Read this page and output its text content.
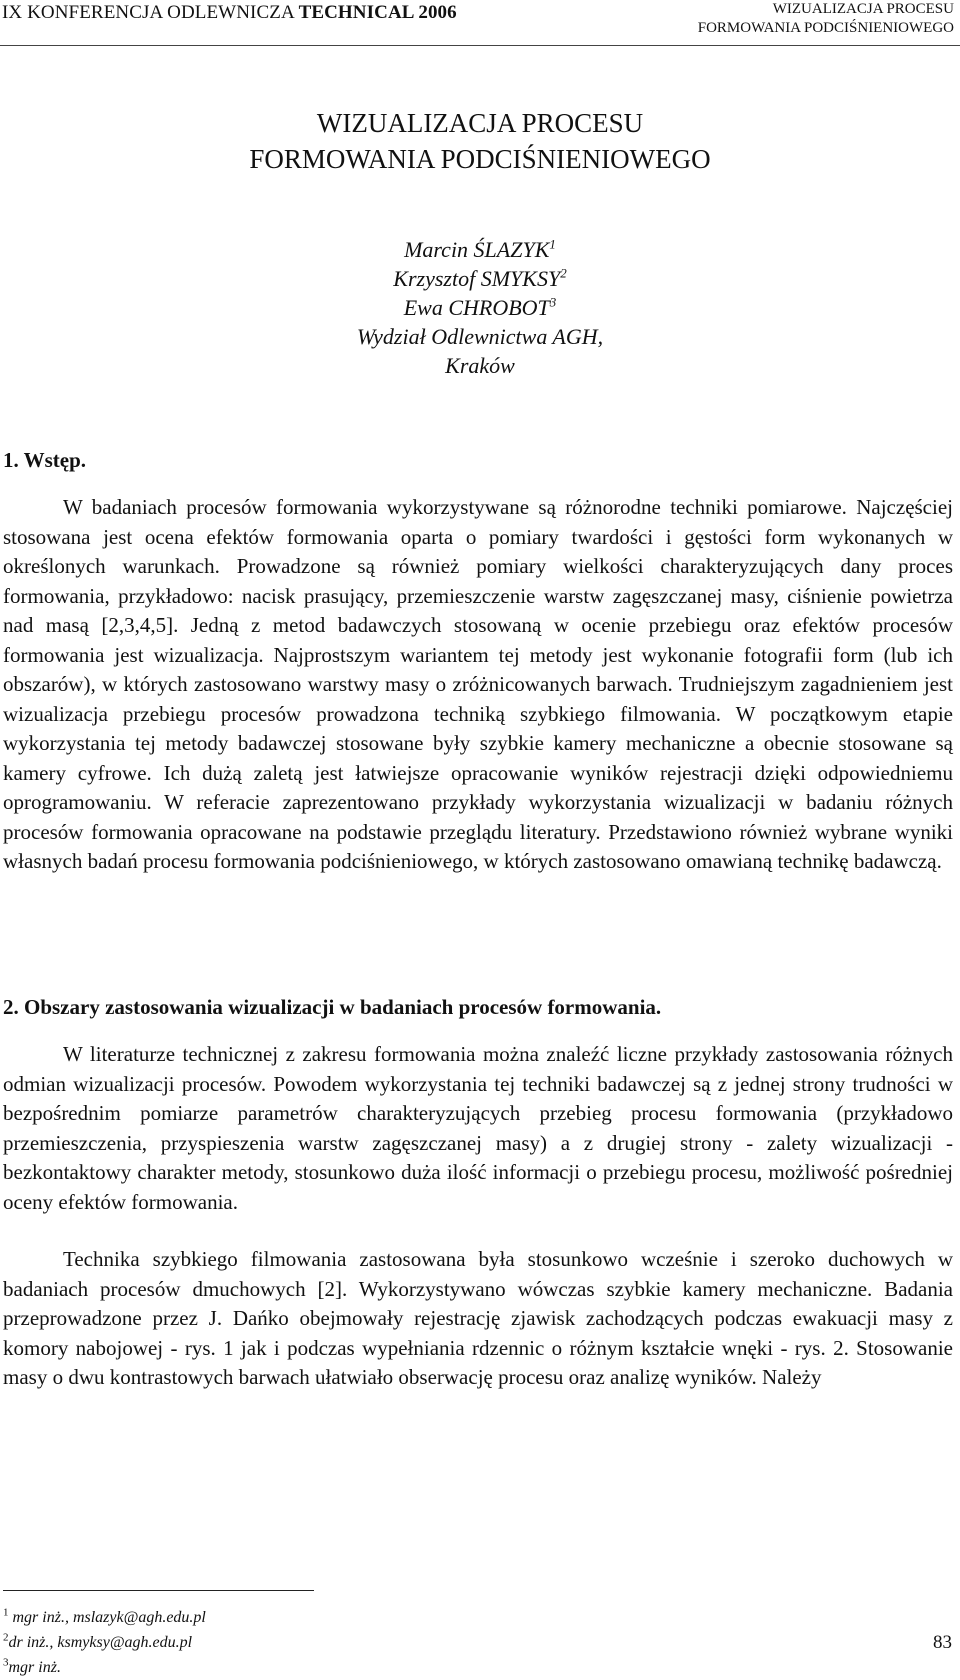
IX KONFERENCJA ODLEWNICZA TECHNICAL 2006	WIZUALIZACJA PROCESU
FORMOWANIA PODCIŚNIENIOWEGO
WIZUALIZACJA PROCESU
FORMOWANIA PODCIŚNIENIOWEGO
Marcin ŚLAZYK$^1$
Krzysztof SMYKSY$^2$
Ewa CHROBOT$^3$
Wydział Odlewnictwa AGH,
Kraków
1. Wstęp.
W badaniach procesów formowania wykorzystywane są różnorodne techniki pomiarowe. Najczęściej stosowana jest ocena efektów formowania oparta o pomiary twardości i gęstości form wykonanych w określonych warunkach. Prowadzone są również pomiary wielkości charakteryzujących dany proces formowania, przykładowo: nacisk prasujący, przemieszczenie warstw zagęszczanej masy, ciśnienie powietrza nad masą [2,3,4,5]. Jedną z metod badawczych stosowaną w ocenie przebiegu oraz efektów procesów formowania jest wizualizacja. Najprostszym wariantem tej metody jest wykonanie fotografii form (lub ich obszarów), w których zastosowano warstwy masy o zróżnicowanych barwach. Trudniejszym zagadnieniem jest wizualizacja przebiegu procesów prowadzona techniką szybkiego filmowania. W początkowym etapie wykorzystania tej metody badawczej stosowane były szybkie kamery mechaniczne a obecnie stosowane są kamery cyfrowe. Ich dużą zaletą jest łatwiejsze opracowanie wyników rejestracji dzięki odpowiedniemu oprogramowaniu. W referacie zaprezentowano przykłady wykorzystania wizualizacji w badaniu różnych procesów formowania opracowane na podstawie przeglądu literatury. Przedstawiono również wybrane wyniki własnych badań procesu formowania podciśnieniowego, w których zastosowano omawianą technikę badawczą.
2. Obszary zastosowania wizualizacji w badaniach procesów formowania.
W literaturze technicznej z zakresu formowania można znaleźć liczne przykłady zastosowania różnych odmian wizualizacji procesów. Powodem wykorzystania tej techniki badawczej są z jednej strony trudności w bezpośrednim pomiarze parametrów charakteryzujących przebieg procesu formowania (przykładowo przemieszczenia, przyspieszenia warstw zagęszczanej masy) a z drugiej strony - zalety wizualizacji - bezkontaktowy charakter metody, stosunkowo duża ilość informacji o przebiegu procesu, możliwość pośredniej oceny efektów formowania.
Technika szybkiego filmowania zastosowana była stosunkowo wcześnie i szeroko duchowych w badaniach procesów dmuchowych [2]. Wykorzystywano wówczas szybkie kamery mechaniczne. Badania przeprowadzone przez J. Dańko obejmowały rejestrację zjawisk zachodzących podczas ewakuacji masy z komory nabojowej - rys. 1 jak i podczas wypełniania rdzennic o różnym kształcie wnęki - rys. 2. Stosowanie masy o dwu kontrastowych barwach ułatwiało obserwację procesu oraz analizę wyników. Należy
$^1$ mgr inż., mslazyk@agh.edu.pl
$^2$dr inż., ksmyksy@agh.edu.pl
$^3$mgr inż.
83
